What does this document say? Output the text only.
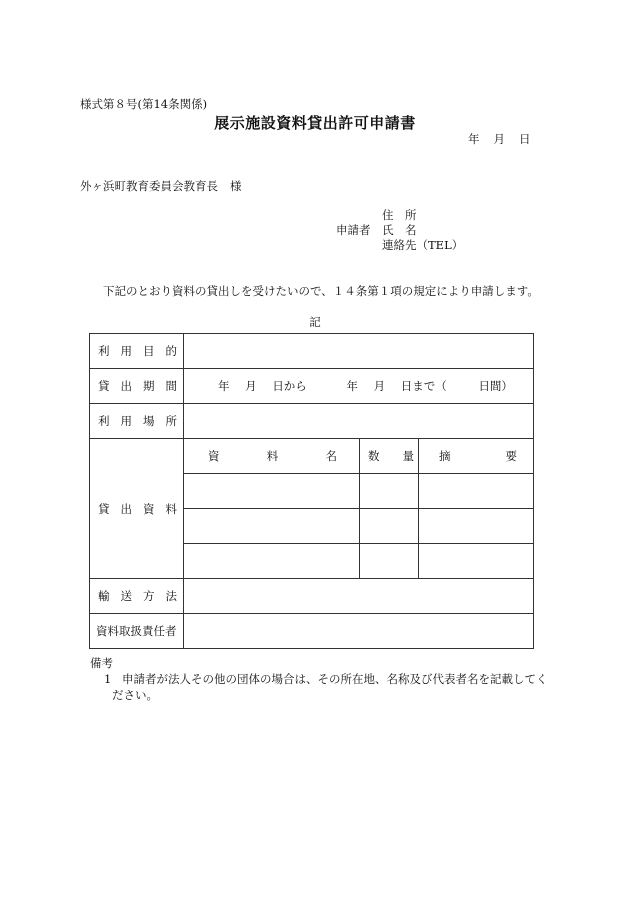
様式第８号(第14条関係)
展示施設資料貸出許可申請書
年 月 日
外ヶ浜町教育委員会教育長 様
住　所
申請者 氏　名
連絡先（TEL）
下記のとおり資料の貸出しを受けたいので、１４条第１項の規定により申請します。
記
利 用 目 的			

貸 出 期 間	年 月 日から 年 月 日まで（ 日間）		

利 用 場 所			

貸 出 資 料	資 料 名	数 量	摘 要

輸 送 方 法			

資料取扱責任者			

備考
1 申請者が法人その他の団体の場合は、その所在地、名称及び代表者名を記載してく
ださい。
